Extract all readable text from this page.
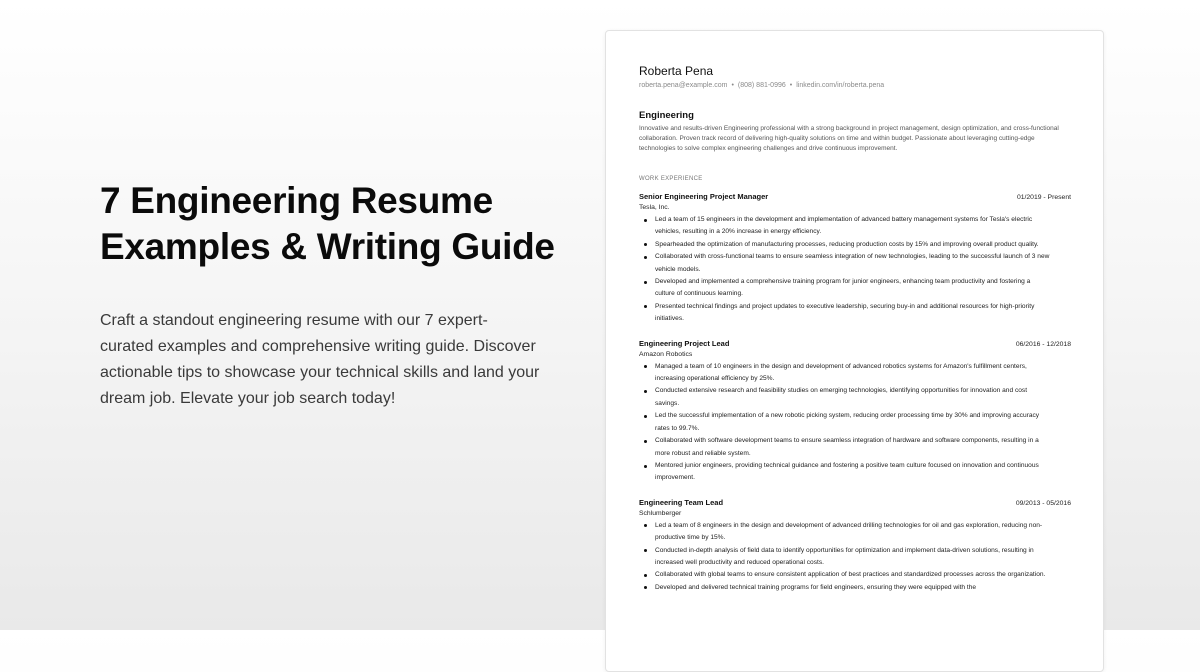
7 Engineering Resume Examples & Writing Guide

Craft a standout engineering resume with our 7 expert-curated examples and comprehensive writing guide. Discover actionable tips to showcase your technical skills and land your dream job. Elevate your job search today!

Roberta Pena
roberta.pena@example.com • (808) 881-0996 • linkedin.com/in/roberta.pena
Engineering
Innovative and results-driven Engineering professional with a strong background in project management, design optimization, and cross-functional collaboration. Proven track record of delivering high-quality solutions on time and within budget. Passionate about leveraging cutting-edge technologies to solve complex engineering challenges and drive continuous improvement.
WORK EXPERIENCE
Senior Engineering Project Manager	01/2019 - Present
Tesla, Inc.
Led a team of 15 engineers in the development and implementation of advanced battery management systems for Tesla's electric vehicles, resulting in a 20% increase in energy efficiency.
Spearheaded the optimization of manufacturing processes, reducing production costs by 15% and improving overall product quality.
Collaborated with cross-functional teams to ensure seamless integration of new technologies, leading to the successful launch of 3 new vehicle models.
Developed and implemented a comprehensive training program for junior engineers, enhancing team productivity and fostering a culture of continuous learning.
Presented technical findings and project updates to executive leadership, securing buy-in and additional resources for high-priority initiatives.
Engineering Project Lead	06/2016 - 12/2018
Amazon Robotics
Managed a team of 10 engineers in the design and development of advanced robotics systems for Amazon's fulfillment centers, increasing operational efficiency by 25%.
Conducted extensive research and feasibility studies on emerging technologies, identifying opportunities for innovation and cost savings.
Led the successful implementation of a new robotic picking system, reducing order processing time by 30% and improving accuracy rates to 99.7%.
Collaborated with software development teams to ensure seamless integration of hardware and software components, resulting in a more robust and reliable system.
Mentored junior engineers, providing technical guidance and fostering a positive team culture focused on innovation and continuous improvement.
Engineering Team Lead	09/2013 - 05/2016
Schlumberger
Led a team of 8 engineers in the design and development of advanced drilling technologies for oil and gas exploration, reducing non-productive time by 15%.
Conducted in-depth analysis of field data to identify opportunities for optimization and implement data-driven solutions, resulting in increased well productivity and reduced operational costs.
Collaborated with global teams to ensure consistent application of best practices and standardized processes across the organization.
Developed and delivered technical training programs for field engineers, ensuring they were equipped with the
